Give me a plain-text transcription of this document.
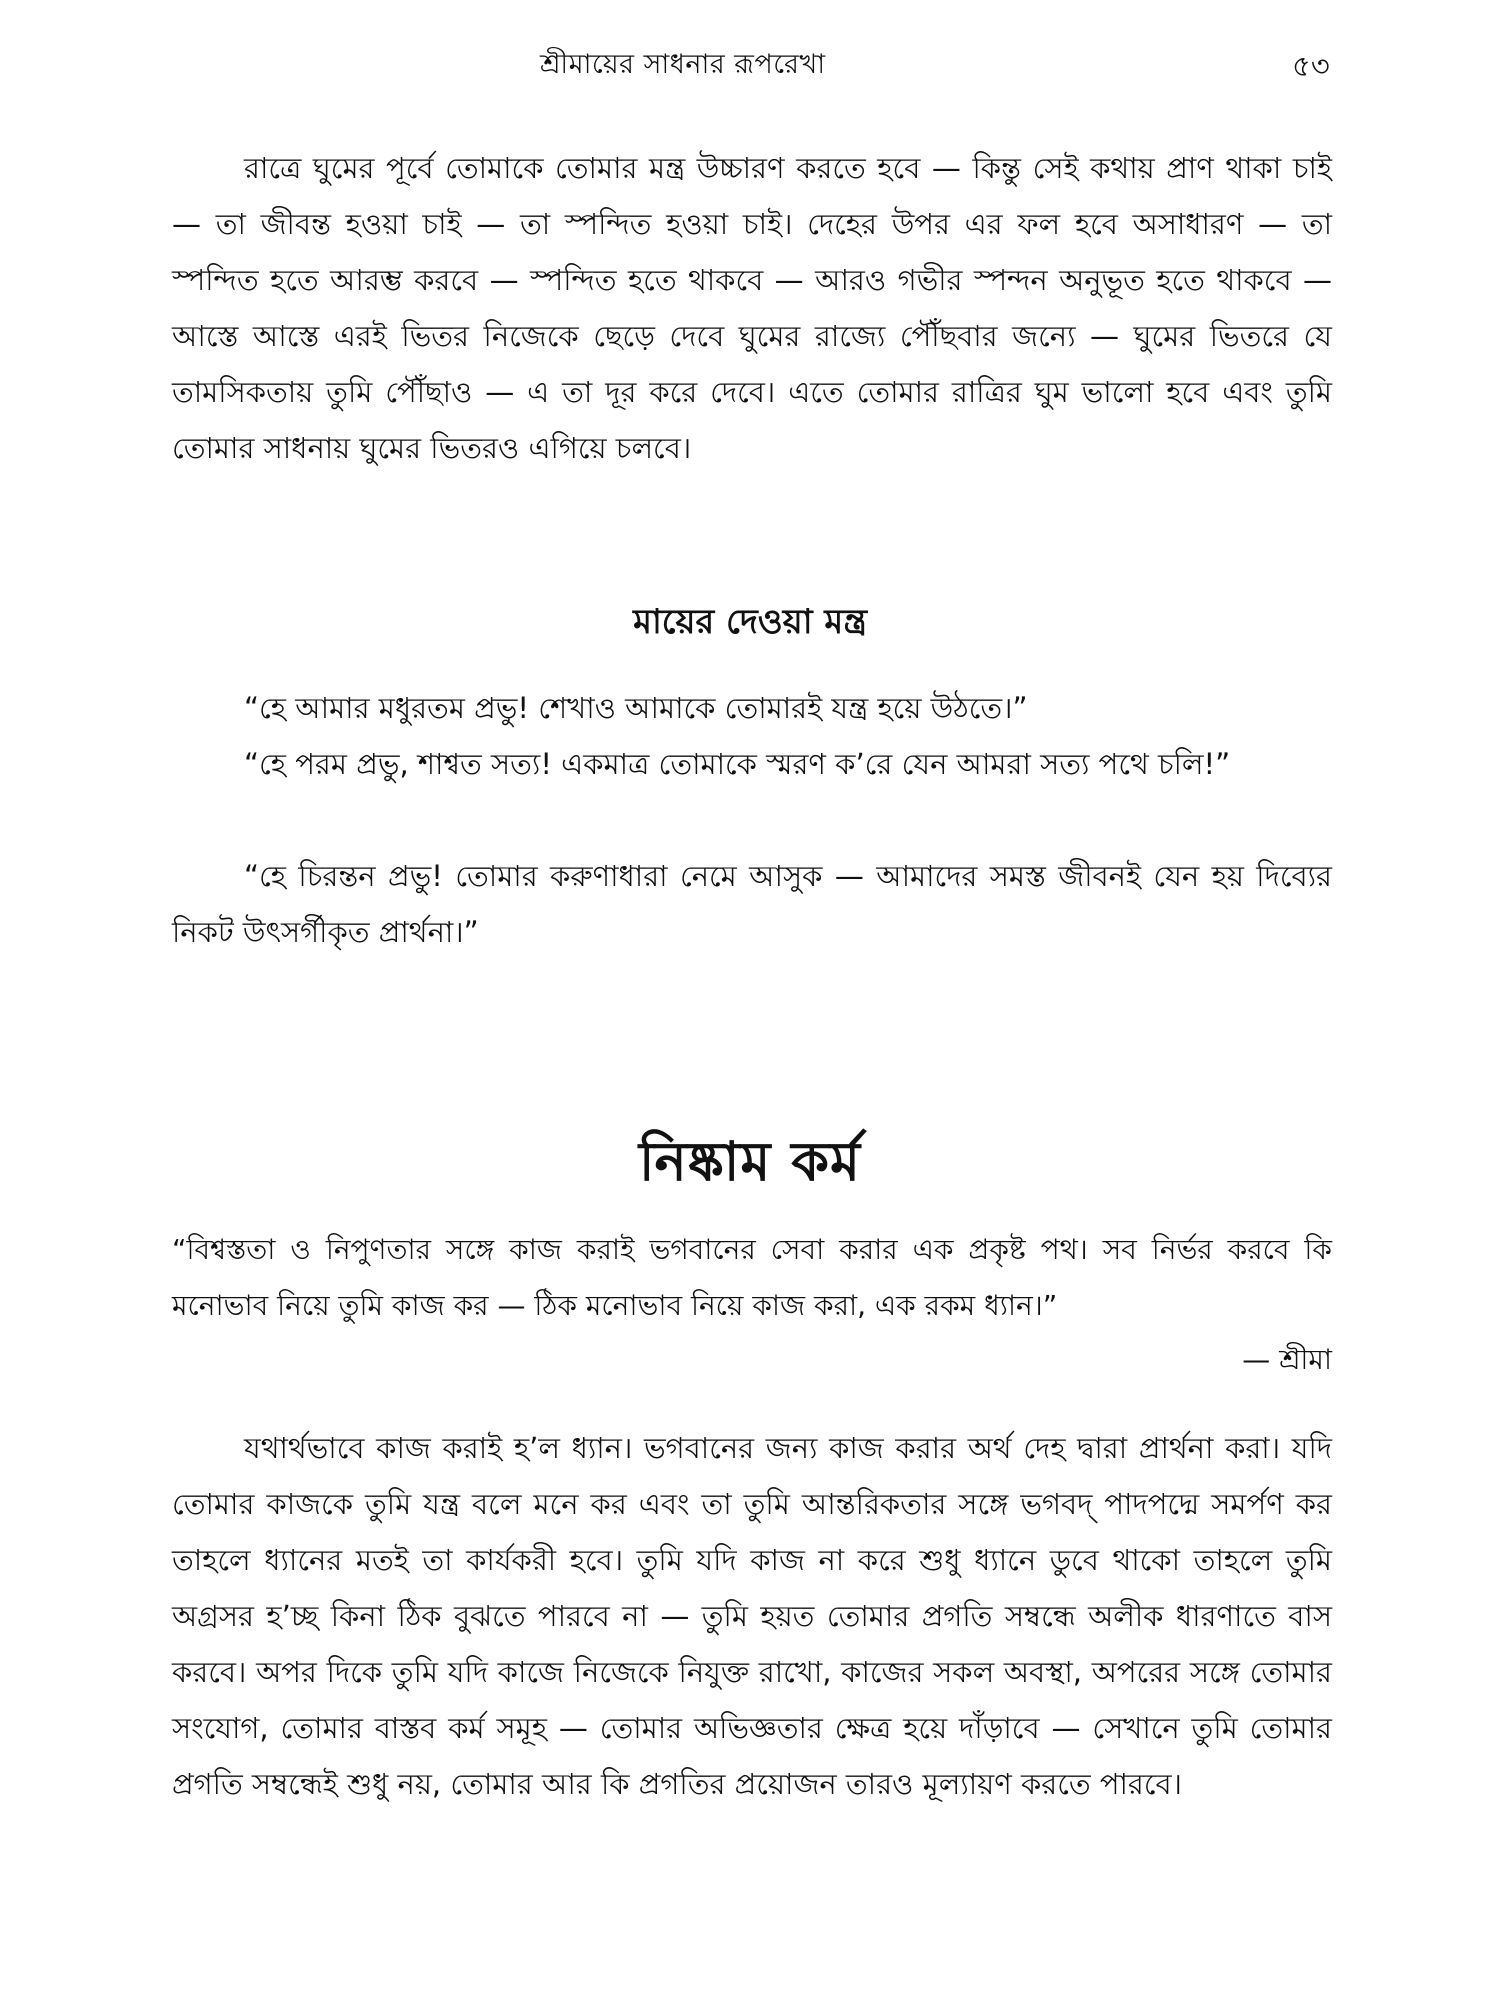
শ্রীমায়ের সাধনার রূপরেখা	৫৩

রাত্রে ঘুমের পূর্বে তোমাকে তোমার মন্ত্র উচ্চারণ করতে হবে — কিন্তু সেই কথায় প্রাণ থাকা চাই — তা জীবন্ত হওয়া চাই — তা স্পন্দিত হওয়া চাই। দেহের উপর এর ফল হবে অসাধারণ — তা স্পন্দিত হতে আরম্ভ করবে — স্পন্দিত হতে থাকবে — আরও গভীর স্পন্দন অনুভূত হতে থাকবে — আস্তে আস্তে এরই ভিতর নিজেকে ছেড়ে দেবে ঘুমের রাজ্যে পৌঁছবার জন্যে — ঘুমের ভিতরে যে তামসিকতায় তুমি পৌঁছাও — এ তা দূর করে দেবে। এতে তোমার রাত্রির ঘুম ভালো হবে এবং তুমি তোমার সাধনায় ঘুমের ভিতরও এগিয়ে চলবে।

মায়ের দেওয়া মন্ত্র

“হে আমার মধুরতম প্রভু! শেখাও আমাকে তোমারই যন্ত্র হয়ে উঠতে।”

“হে পরম প্রভু, শাশ্বত সত্য! একমাত্র তোমাকে স্মরণ ক’রে যেন আমরা সত্য পথে চলি!”

“হে চিরন্তন প্রভু! তোমার করুণাধারা নেমে আসুক — আমাদের সমস্ত জীবনই যেন হয় দিব্যের নিকট উৎসর্গীকৃত প্রার্থনা।”

নিষ্কাম কর্ম

“বিশ্বস্ততা ও নিপুণতার সঙ্গে কাজ করাই ভগবানের সেবা করার এক প্রকৃষ্ট পথ। সব নির্ভর করবে কি মনোভাব নিয়ে তুমি কাজ কর — ঠিক মনোভাব নিয়ে কাজ করা, এক রকম ধ্যান।”

— শ্রীমা

যথার্থভাবে কাজ করাই হ’ল ধ্যান। ভগবানের জন্য কাজ করার অর্থ দেহ দ্বারা প্রার্থনা করা। যদি তোমার কাজকে তুমি যন্ত্র বলে মনে কর এবং তা তুমি আন্তরিকতার সঙ্গে ভগবদ্ পাদপদ্মে সমর্পণ কর তাহলে ধ্যানের মতই তা কার্যকরী হবে। তুমি যদি কাজ না করে শুধু ধ্যানে ডুবে থাকো তাহলে তুমি অগ্রসর হ’চ্ছ কিনা ঠিক বুঝতে পারবে না — তুমি হয়ত তোমার প্রগতি সম্বন্ধে অলীক ধারণাতে বাস করবে। অপর দিকে তুমি যদি কাজে নিজেকে নিযুক্ত রাখো, কাজের সকল অবস্থা, অপরের সঙ্গে তোমার সংযোগ, তোমার বাস্তব কর্ম সমূহ — তোমার অভিজ্ঞতার ক্ষেত্র হয়ে দাঁড়াবে — সেখানে তুমি তোমার প্রগতি সম্বন্ধেই শুধু নয়, তোমার আর কি প্রগতির প্রয়োজন তারও মূল্যায়ণ করতে পারবে।
